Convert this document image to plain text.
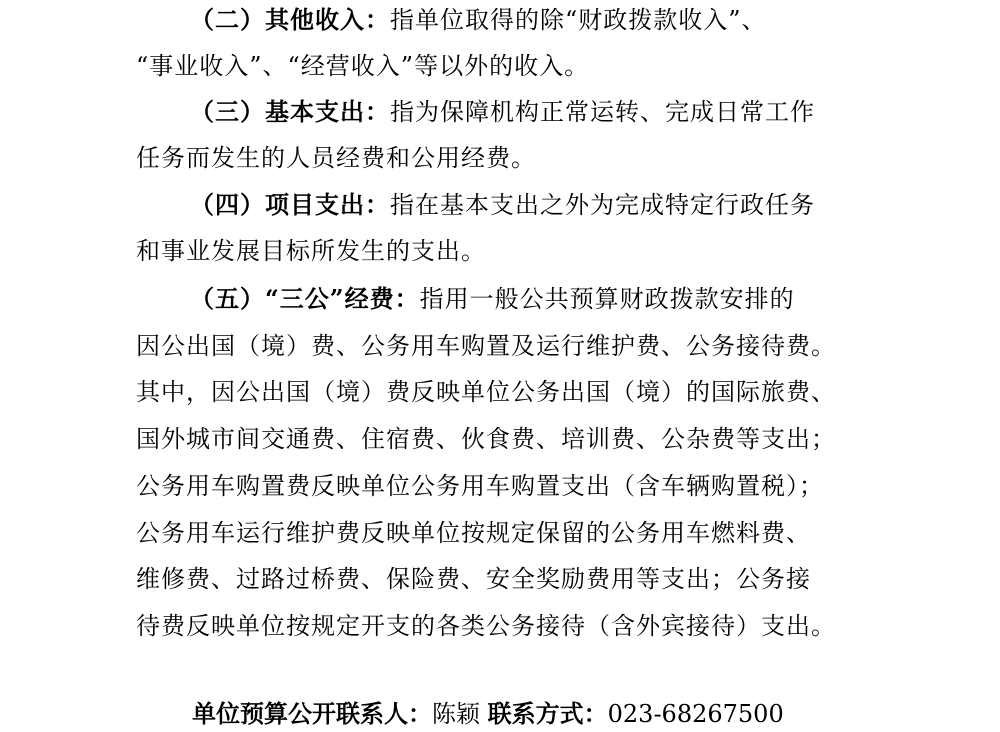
（二）其他收入：指单位取得的除“财政拨款收入”、
“事业收入”、“经营收入”等以外的收入。
（三）基本支出：指为保障机构正常运转、完成日常工作
任务而发生的人员经费和公用经费。
（四）项目支出：指在基本支出之外为完成特定行政任务
和事业发展目标所发生的支出。
（五）“三公”经费：指用一般公共预算财政拨款安排的
因公出国（境）费、公务用车购置及运行维护费、公务接待费。
其中，因公出国（境）费反映单位公务出国（境）的国际旅费、
国外城市间交通费、住宿费、伙食费、培训费、公杂费等支出；
公务用车购置费反映单位公务用车购置支出（含车辆购置税）；
公务用车运行维护费反映单位按规定保留的公务用车燃料费、
维修费、过路过桥费、保险费、安全奖励费用等支出；公务接
待费反映单位按规定开支的各类公务接待（含外宾接待）支出。
单位预算公开联系人：陈颖 联系方式：023-68267500
